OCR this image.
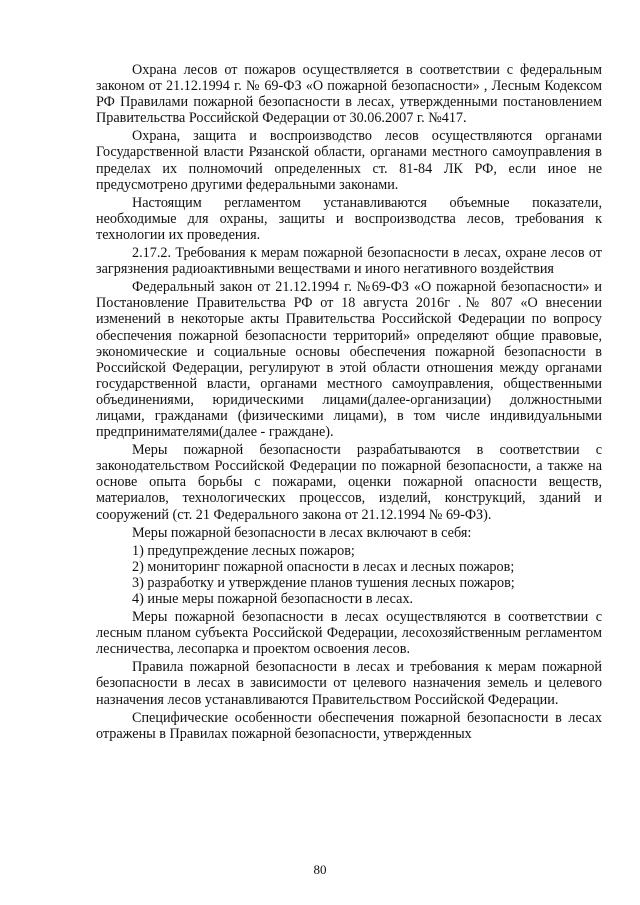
Охрана лесов от пожаров осуществляется в соответствии с федеральным законом от 21.12.1994 г. № 69-ФЗ «О пожарной безопасности» , Лесным Кодексом РФ Правилами пожарной безопасности в лесах, утвержденными постановлением Правительства Российской Федерации от 30.06.2007 г. №417.

Охрана, защита и воспроизводство лесов осуществляются органами Государственной власти Рязанской области, органами местного самоуправления в пределах их полномочий определенных ст. 81-84 ЛК РФ, если иное не предусмотрено другими федеральными законами.

Настоящим регламентом устанавливаются объемные показатели, необходимые для охраны, защиты и воспроизводства лесов, требования к технологии их проведения.

2.17.2. Требования к мерам пожарной безопасности в лесах, охране лесов от загрязнения радиоактивными веществами и иного негативного воздействия

Федеральный закон от 21.12.1994 г. №69-ФЗ «О пожарной безопасности» и Постановление Правительства РФ от 18 августа 2016г .№ 807 «О внесении изменений в некоторые акты Правительства Российской Федерации по вопросу обеспечения пожарной безопасности территорий» определяют общие правовые, экономические и социальные основы обеспечения пожарной безопасности в Российской Федерации, регулируют в этой области отношения между органами государственной власти, органами местного самоуправления, общественными объединениями, юридическими лицами(далее-организации) должностными лицами, гражданами (физическими лицами), в том числе индивидуальными предпринимателями(далее - граждане).

Меры пожарной безопасности разрабатываются в соответствии с законодательством Российской Федерации по пожарной безопасности, а также на основе опыта борьбы с пожарами, оценки пожарной опасности веществ, материалов, технологических процессов, изделий, конструкций, зданий и сооружений (ст. 21 Федерального закона от 21.12.1994 № 69-ФЗ).

Меры пожарной безопасности в лесах включают в себя:

1) предупреждение лесных пожаров;
2) мониторинг пожарной опасности в лесах и лесных пожаров;
3) разработку и утверждение планов тушения лесных пожаров;
4) иные меры пожарной безопасности в лесах.

Меры пожарной безопасности в лесах осуществляются в соответствии с лесным планом субъекта Российской Федерации, лесохозяйственным регламентом лесничества, лесопарка и проектом освоения лесов.

Правила пожарной безопасности в лесах и требования к мерам пожарной безопасности в лесах в зависимости от целевого назначения земель и целевого назначения лесов устанавливаются Правительством Российской Федерации.

Специфические особенности обеспечения пожарной безопасности в лесах отражены в Правилах пожарной безопасности, утвержденных

80
